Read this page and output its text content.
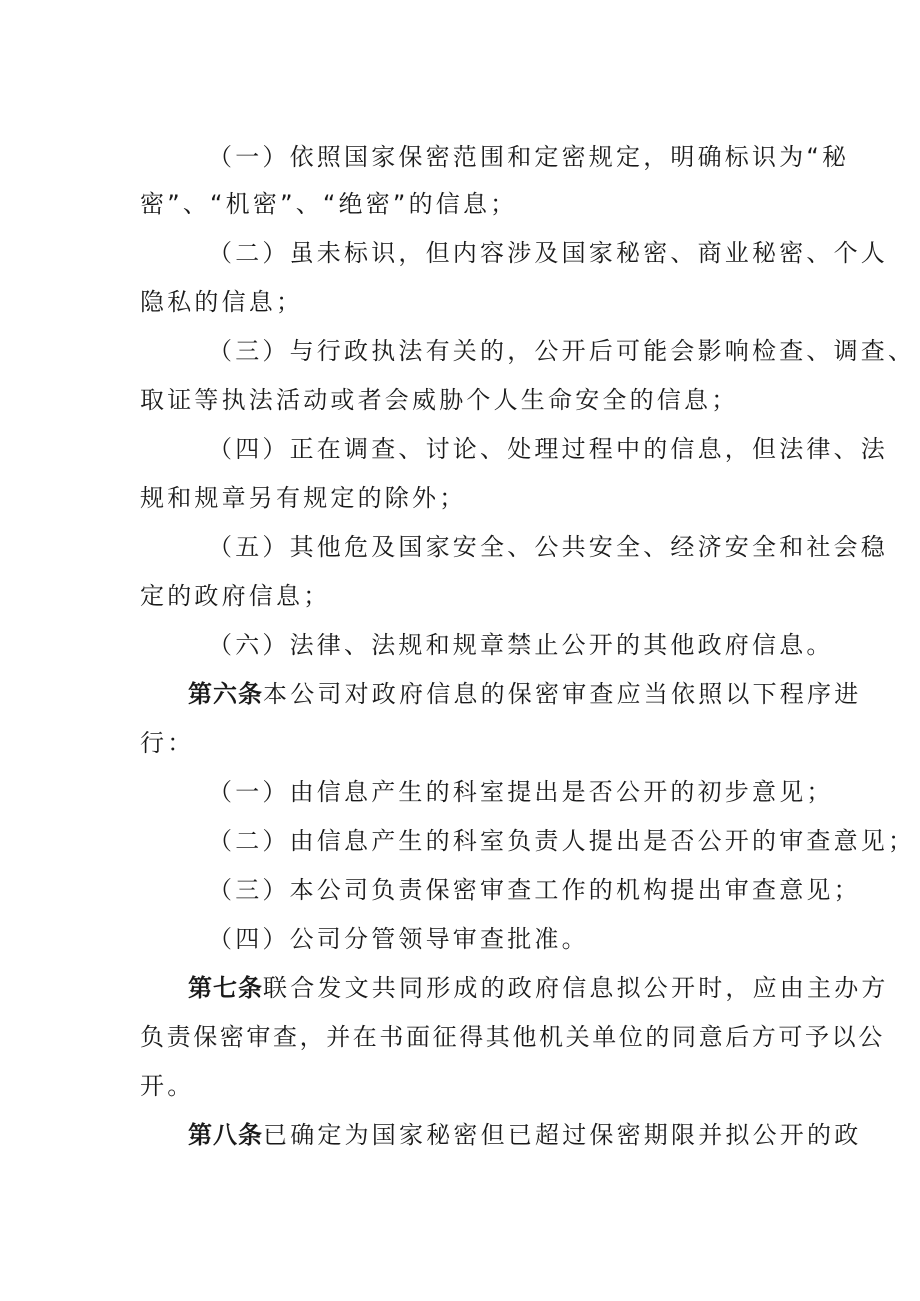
（一）依照国家保密范围和定密规定，明确标识为“秘

密”、“机密”、“绝密”的信息；

（二）虽未标识，但内容涉及国家秘密、商业秘密、个人

隐私的信息；

（三）与行政执法有关的，公开后可能会影响检查、调查、

取证等执法活动或者会威胁个人生命安全的信息；

（四）正在调查、讨论、处理过程中的信息，但法律、法

规和规章另有规定的除外；

（五）其他危及国家安全、公共安全、经济安全和社会稳

定的政府信息；

（六）法律、法规和规章禁止公开的其他政府信息。

第六条本公司对政府信息的保密审查应当依照以下程序进

行：

（一）由信息产生的科室提出是否公开的初步意见；

（二）由信息产生的科室负责人提出是否公开的审查意见；

（三）本公司负责保密审查工作的机构提出审查意见；

（四）公司分管领导审查批准。

第七条联合发文共同形成的政府信息拟公开时，应由主办方

负责保密审查，并在书面征得其他机关单位的同意后方可予以公

开。

第八条已确定为国家秘密但已超过保密期限并拟公开的政
